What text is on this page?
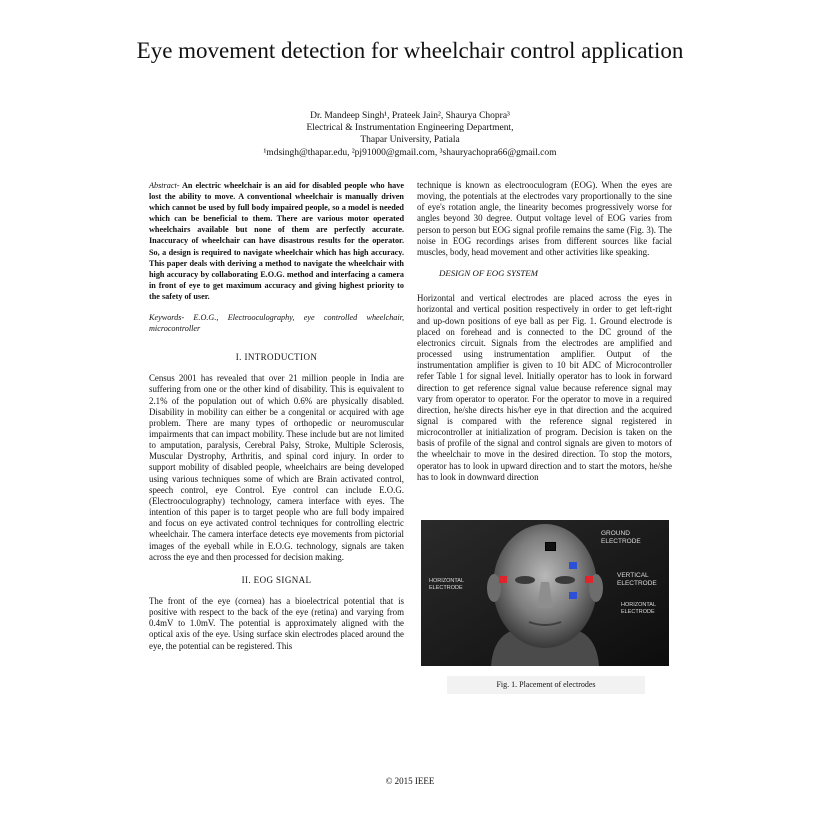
Eye movement detection for wheelchair control application
Dr. Mandeep Singh¹, Prateek Jain², Shaurya Chopra³
Electrical & Instrumentation Engineering Department,
Thapar University, Patiala
¹mdsingh@thapar.edu, ²pj91000@gmail.com, ³shauryachopra66@gmail.com

Abstract- An electric wheelchair is an aid for disabled people who have lost the ability to move. A conventional wheelchair is manually driven which cannot be used by full body impaired people, so a model is needed which can be beneficial to them. There are various motor operated wheelchairs available but none of them are perfectly accurate. Inaccuracy of wheelchair can have disastrous results for the operator. So, a design is required to navigate wheelchair which has high accuracy. This paper deals with deriving a method to navigate the wheelchair with high accuracy by collaborating E.O.G. method and interfacing a camera in front of eye to get maximum accuracy and giving highest priority to the safety of user.

Keywords- E.O.G., Electrooculography, eye controlled wheelchair, microcontroller

I. INTRODUCTION

Census 2001 has revealed that over 21 million people in India are suffering from one or the other kind of disability. This is equivalent to 2.1% of the population out of which 0.6% are physically disabled. Disability in mobility can either be a congenital or acquired with age problem. There are many types of orthopedic or neuromuscular impairments that can impact mobility. These include but are not limited to amputation, paralysis, Cerebral Palsy, Stroke, Multiple Sclerosis, Muscular Dystrophy, Arthritis, and spinal cord injury. In order to support mobility of disabled people, wheelchairs are being developed using various techniques some of which are Brain activated control, speech control, eye Control. Eye control can include E.O.G. (Electrooculography) technology, camera interface with eyes. The intention of this paper is to target people who are full body impaired and focus on eye activated control techniques for controlling electric wheelchair. The camera interface detects eye movements from pictorial images of the eyeball while in E.O.G. technology, signals are taken across the eye and then processed for decision making.

II. EOG SIGNAL

The front of the eye (cornea) has a bioelectrical potential that is positive with respect to the back of the eye (retina) and varying from 0.4mV to 1.0mV. The potential is approximately aligned with the optical axis of the eye. Using surface skin electrodes placed around the eye, the potential can be registered. This

technique is known as electrooculogram (EOG). When the eyes are moving, the potentials at the electrodes vary proportionally to the sine of eye's rotation angle, the linearity becomes progressively worse for angles beyond 30 degree. Output voltage level of EOG varies from person to person but EOG signal profile remains the same (Fig. 3). The noise in EOG recordings arises from different sources like facial muscles, body, head movement and other activities like speaking.

DESIGN OF EOG SYSTEM

Horizontal and vertical electrodes are placed across the eyes in horizontal and vertical position respectively in order to get left-right and up-down positions of eye ball as per Fig. 1. Ground electrode is placed on forehead and is connected to the DC ground of the electronics circuit. Signals from the electrodes are amplified and processed using instrumentation amplifier. Output of the instrumentation amplifier is given to 10 bit ADC of Microcontroller refer Table 1 for signal level. Initially operator has to look in forward direction to get reference signal value because reference signal may vary from operator to operator. For the operator to move in a required direction, he/she directs his/her eye in that direction and the acquired signal is compared with the reference signal registered in microcontroller at initialization of program. Decision is taken on the basis of profile of the signal and control signals are given to motors of the wheelchair to move in the desired direction. To stop the motors, operator has to look in upward direction and to start the motors, he/she has to look in downward direction

GROUND
ELECTRODE
HORIZONTAL
ELECTRODE
VERTICAL
ELECTRODE
HORIZONTAL
ELECTRODE
Fig. 1. Placement of electrodes
© 2015 IEEE
